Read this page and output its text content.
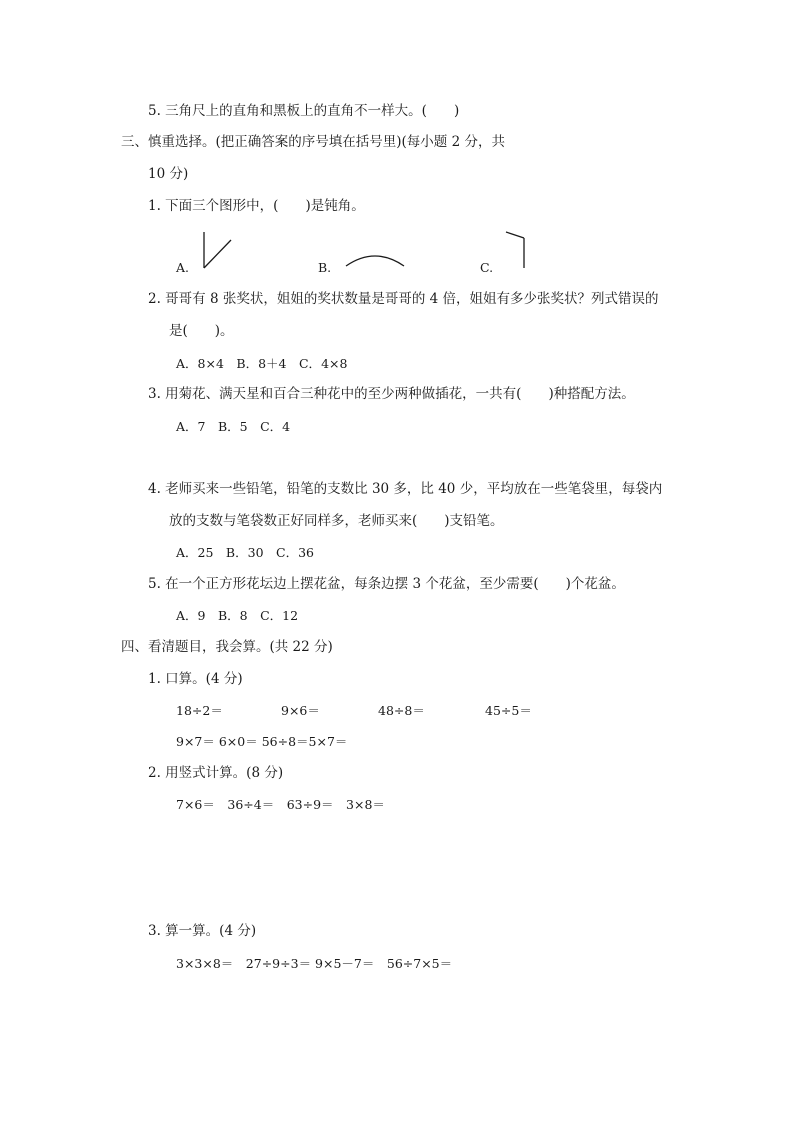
5. 三角尺上的直角和黑板上的直角不一样大。(　　)
三、慎重选择。(把正确答案的序号填在括号里)(每小题 2 分，共
10 分)
1. 下面三个图形中，(　　)是钝角。
A.	B.	C.
2. 哥哥有 8 张奖状，姐姐的奖状数量是哥哥的 4 倍，姐姐有多少张奖状？列式错误的
是(　　)。
A．8×4　B．8＋4　C．4×8
3. 用菊花、满天星和百合三种花中的至少两种做插花，一共有(　　)种搭配方法。
A．7　B．5　C．4
4. 老师买来一些铅笔，铅笔的支数比 30 多，比 40 少，平均放在一些笔袋里，每袋内
放的支数与笔袋数正好同样多，老师买来(　　)支铅笔。
A．25　B．30　C．36
5. 在一个正方形花坛边上摆花盆，每条边摆 3 个花盆，至少需要(　　)个花盆。
A．9　B．8　C．12
四、看清题目，我会算。(共 22 分)
1. 口算。(4 分)
18÷2＝	9×6＝	48÷8＝	45÷5＝
9×7＝ 6×0＝ 56÷8＝5×7＝
2. 用竖式计算。(8 分)
7×6＝　36÷4＝　63÷9＝　3×8＝
3. 算一算。(4 分)
3×3×8＝　27÷9÷3＝ 9×5－7＝　56÷7×5＝
